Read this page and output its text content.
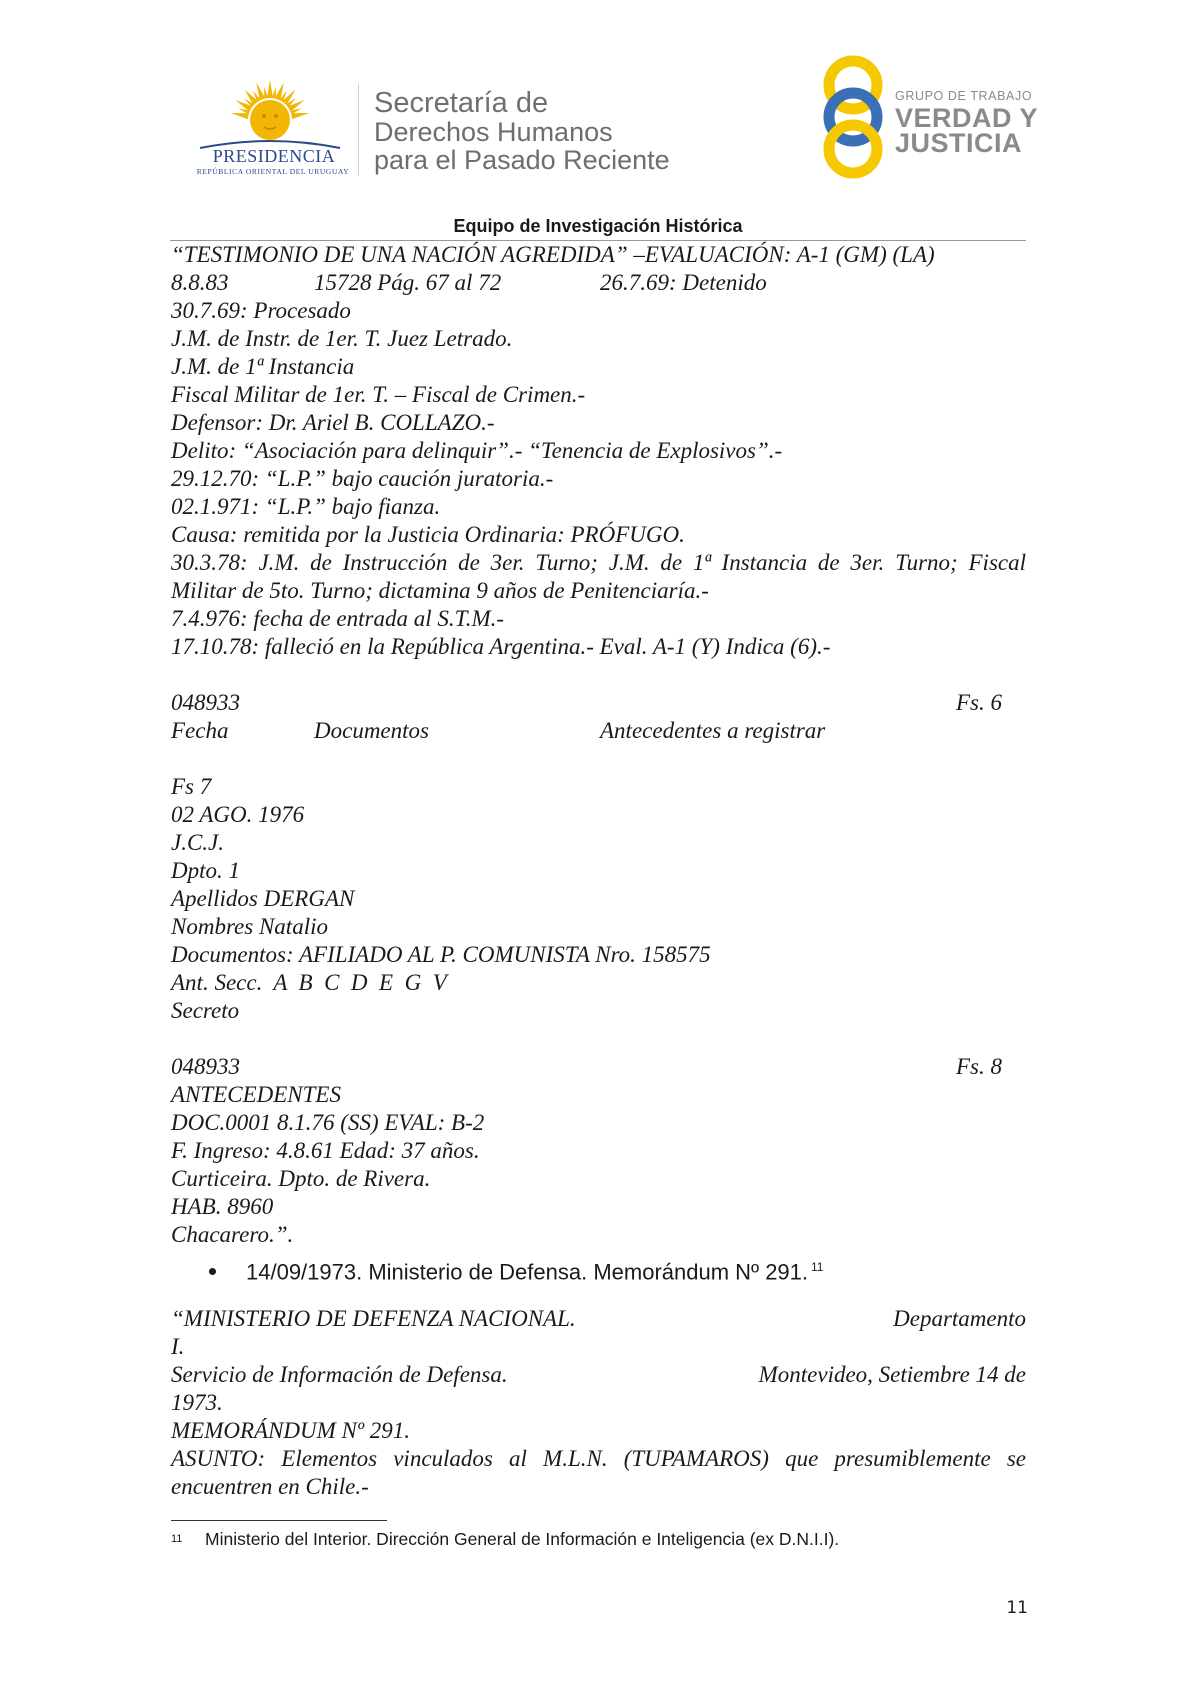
PRESIDENCIA
REPÚBLICA ORIENTAL DEL URUGUAY
Secretaría de
Derechos Humanos
para el Pasado Reciente
GRUPO DE TRABAJO
VERDAD Y
JUSTICIA
Equipo de Investigación Histórica
“TESTIMONIO DE UNA NACIÓN AGREDIDA” –EVALUACIÓN: A-1 (GM) (LA)
8.8.83	15728 Pág. 67 al 72	26.7.69: Detenido
30.7.69: Procesado
J.M. de Instr. de 1er. T. Juez Letrado.
J.M. de 1ª Instancia
Fiscal Militar de 1er. T. – Fiscal de Crimen.-
Defensor: Dr. Ariel B. COLLAZO.-
Delito: “Asociación para delinquir”.- “Tenencia de Explosivos”.-
29.12.70: “L.P.” bajo caución juratoria.-
02.1.971: “L.P.” bajo fianza.
Causa: remitida por la Justicia Ordinaria: PRÓFUGO.
30.3.78: J.M. de Instrucción de 3er. Turno; J.M. de 1ª Instancia de 3er. Turno; Fiscal
Militar de 5to. Turno; dictamina 9 años de Penitenciaría.-
7.4.976: fecha de entrada al S.T.M.-
17.10.78: falleció en la República Argentina.- Eval. A-1 (Y) Indica (6).-
048933	Fs. 6
Fecha	Documentos	Antecedentes a registrar
Fs 7
02 AGO. 1976
J.C.J.
Dpto. 1
Apellidos DERGAN
Nombres Natalio
Documentos: AFILIADO AL P. COMUNISTA Nro. 158575
Ant. Secc.  A  B  C  D  E  G  V
Secreto
048933	Fs. 8
ANTECEDENTES
DOC.0001 8.1.76 (SS) EVAL: B-2
F. Ingreso: 4.8.61 Edad: 37 años.
Curticeira. Dpto. de Rivera.
HAB. 8960
Chacarero.”.
14/09/1973. Ministerio de Defensa. Memorándum Nº 291. $^{11}$
“MINISTERIO DE DEFENZA NACIONAL.	Departamento
I.
Servicio de Información de Defensa.	Montevideo, Setiembre 14 de
1973.
MEMORÁNDUM Nº 291.
ASUNTO: Elementos vinculados al M.L.N. (TUPAMAROS) que presumiblemente se
encuentren en Chile.-
11 Ministerio del Interior. Dirección General de Información e Inteligencia (ex D.N.I.I).
11
